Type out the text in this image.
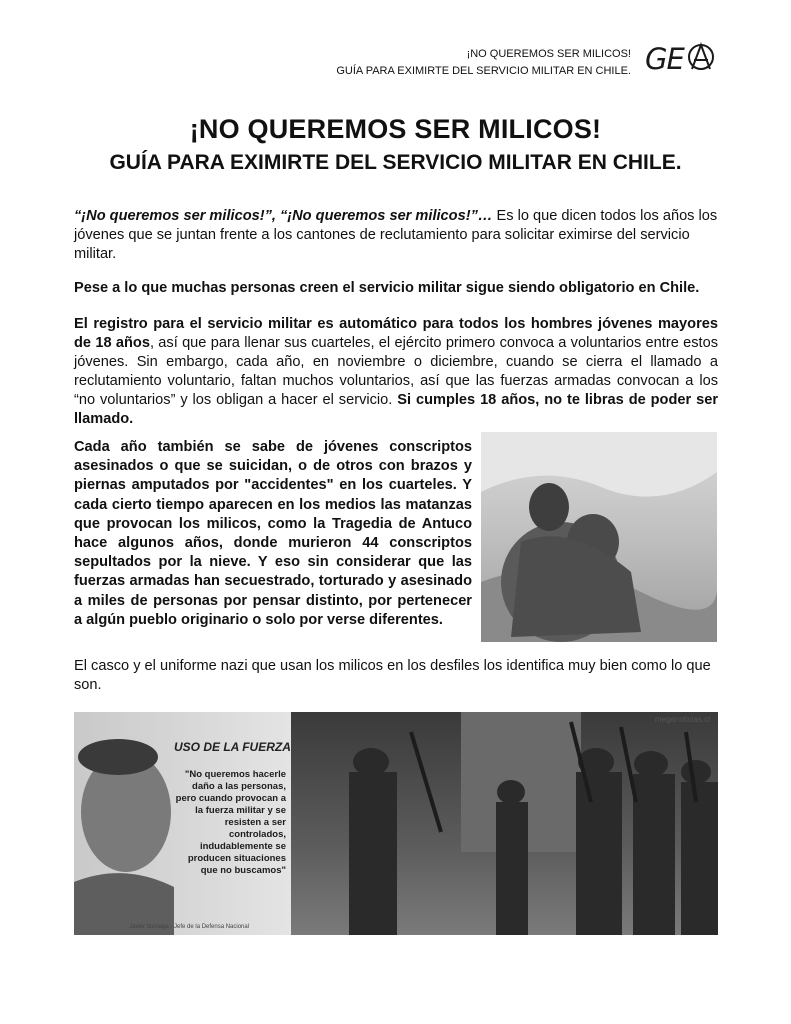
¡NO QUEREMOS SER MILICOS!
GUÍA PARA EXIMIRTE DEL SERVICIO MILITAR EN CHILE. GE
¡NO QUEREMOS SER MILICOS!
GUÍA PARA EXIMIRTE DEL SERVICIO MILITAR EN CHILE.
“¡No queremos ser milicos!”, “¡No queremos ser milicos!”… Es lo que dicen todos los años los jóvenes que se juntan frente a los cantones de reclutamiento para solicitar eximirse del servicio militar.
Pese a lo que muchas personas creen el servicio militar sigue siendo obligatorio en Chile.
El registro para el servicio militar es automático para todos los hombres jóvenes mayores de 18 años, así que para llenar sus cuarteles, el ejército primero convoca a voluntarios entre estos jóvenes. Sin embargo, cada año, en noviembre o diciembre, cuando se cierra el llamado a reclutamiento voluntario, faltan muchos voluntarios, así que las fuerzas armadas convocan a los “no voluntarios” y los obligan a hacer el servicio. Si cumples 18 años, no te libras de poder ser llamado.
Cada año también se sabe de jóvenes conscriptos asesinados o que se suicidan, o de otros con brazos y piernas amputados por "accidentes" en los cuarteles. Y cada cierto tiempo aparecen en los medios las matanzas que provocan los milicos, como la Tragedia de Antuco hace algunos años, donde murieron 44 conscriptos sepultados por la nieve. Y eso sin considerar que las fuerzas armadas han secuestrado, torturado y asesinado a miles de personas por pensar distinto, por pertenecer a algún pueblo originario o solo por verse diferentes.
El casco y el uniforme nazi que usan los milicos en los desfiles los identifica muy bien como lo que son.
USO DE LA FUERZA
"No queremos hacerle daño a las personas, pero cuando provocan a la fuerza militar y se resisten a ser controlados, indudablemente se producen situaciones que no buscamos"
Javier Iturriaga - Jefe de la Defensa Nacional
meganoticias.cl
